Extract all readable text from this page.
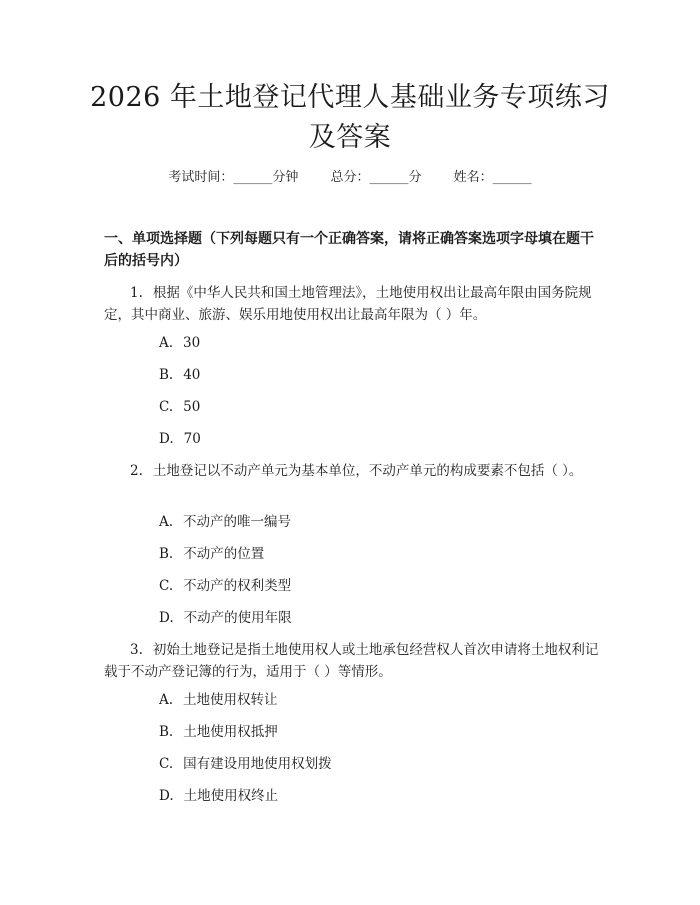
2026 年土地登记代理人基础业务专项练习及答案
考试时间：______分钟 总分：______分 姓名：______
一、单项选择题（下列每题只有一个正确答案，请将正确答案选项字母填在题干后的括号内）
1. 根据《中华人民共和国土地管理法》，土地使用权出让最高年限由国务院规定，其中商业、旅游、娱乐用地使用权出让最高年限为（ ）年。
A. 30
B. 40
C. 50
D. 70
2. 土地登记以不动产单元为基本单位，不动产单元的构成要素不包括（ ）。
A. 不动产的唯一编号
B. 不动产的位置
C. 不动产的权利类型
D. 不动产的使用年限
3. 初始土地登记是指土地使用权人或土地承包经营权人首次申请将土地权利记载于不动产登记簿的行为，适用于（ ）等情形。
A. 土地使用权转让
B. 土地使用权抵押
C. 国有建设用地使用权划拨
D. 土地使用权终止
